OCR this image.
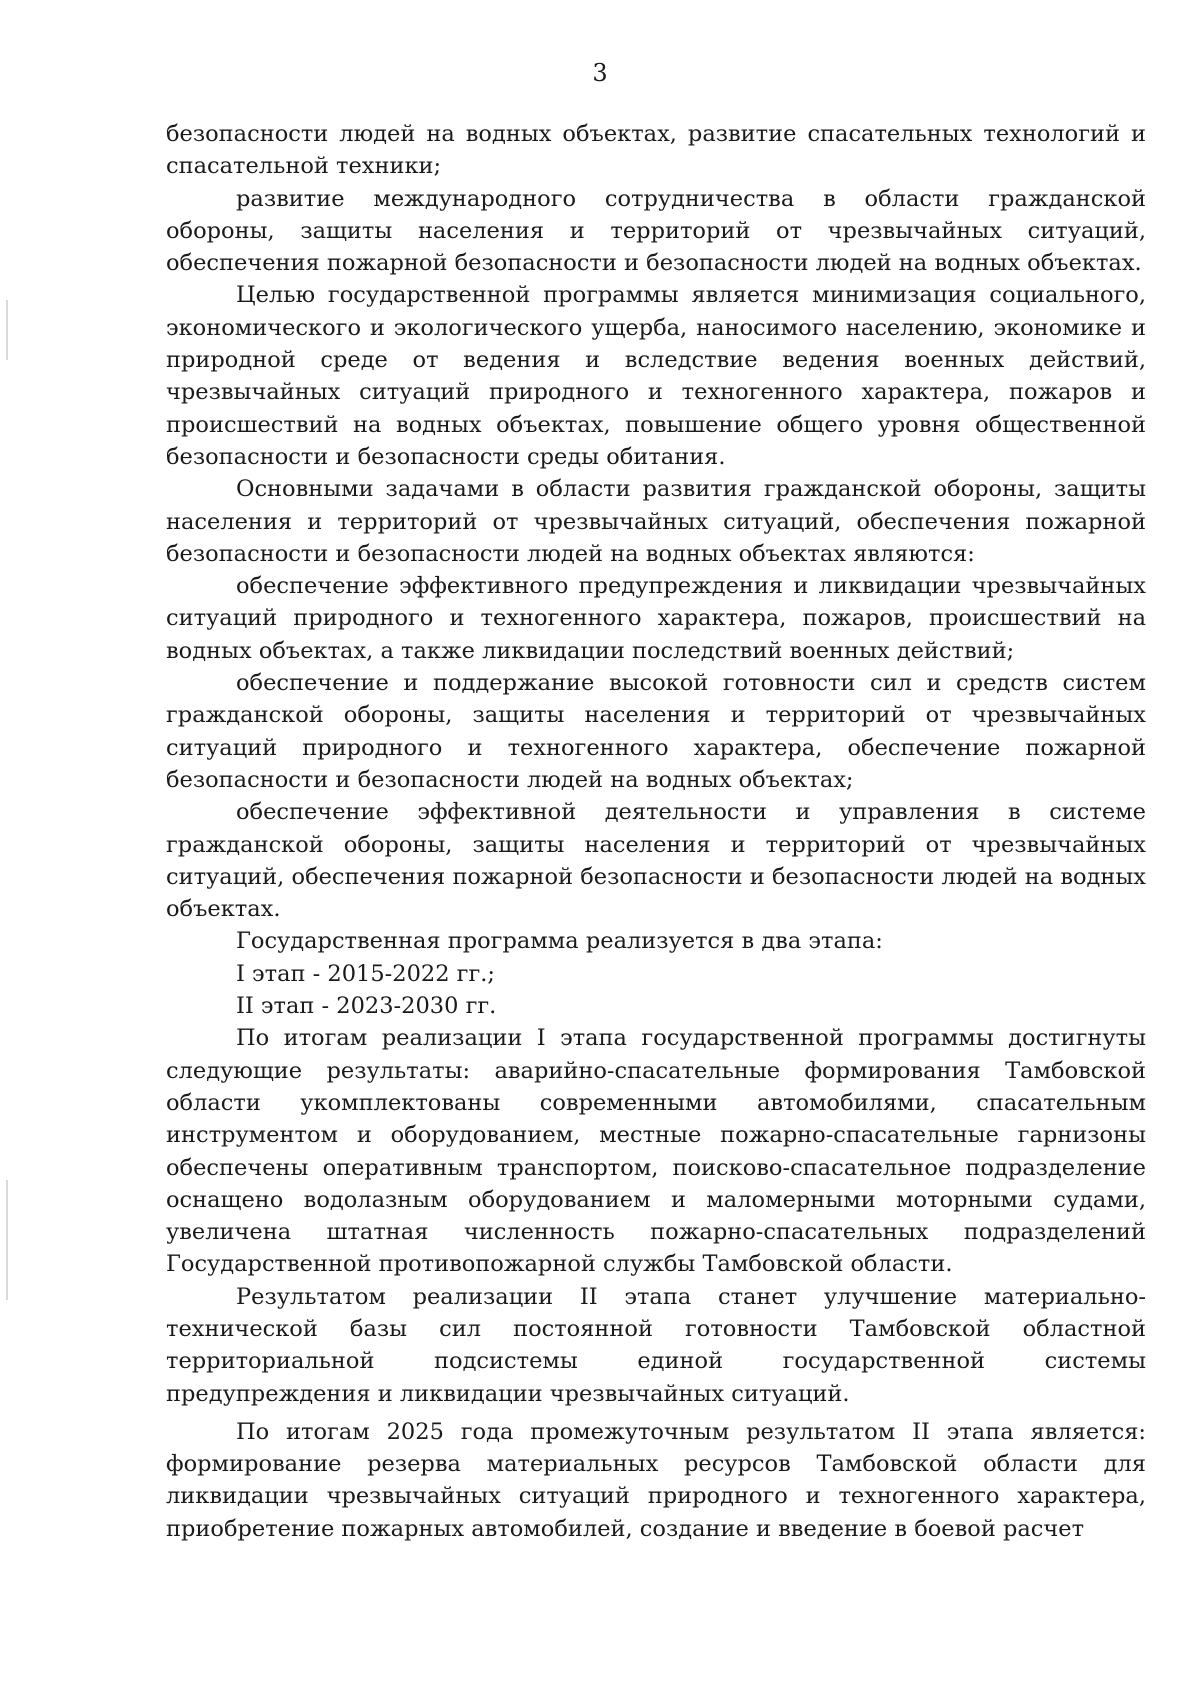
3

безопасности людей на водных объектах, развитие спасательных технологий и спасательной техники;

развитие международного сотрудничества в области гражданской обороны, защиты населения и территорий от чрезвычайных ситуаций, обеспечения пожарной безопасности и безопасности людей на водных объектах.

Целью государственной программы является минимизация социального, экономического и экологического ущерба, наносимого населению, экономике и природной среде от ведения и вследствие ведения военных действий, чрезвычайных ситуаций природного и техногенного характера, пожаров и происшествий на водных объектах, повышение общего уровня общественной безопасности и безопасности среды обитания.

Основными задачами в области развития гражданской обороны, защиты населения и территорий от чрезвычайных ситуаций, обеспечения пожарной безопасности и безопасности людей на водных объектах являются:

обеспечение эффективного предупреждения и ликвидации чрезвычайных ситуаций природного и техногенного характера, пожаров, происшествий на водных объектах, а также ликвидации последствий военных действий;

обеспечение и поддержание высокой готовности сил и средств систем гражданской обороны, защиты населения и территорий от чрезвычайных ситуаций природного и техногенного характера, обеспечение пожарной безопасности и безопасности людей на водных объектах;

обеспечение эффективной деятельности и управления в системе гражданской обороны, защиты населения и территорий от чрезвычайных ситуаций, обеспечения пожарной безопасности и безопасности людей на водных объектах.

Государственная программа реализуется в два этапа:

I этап - 2015-2022 гг.;

II этап - 2023-2030 гг.

По итогам реализации I этапа государственной программы достигнуты следующие результаты: аварийно-спасательные формирования Тамбовской области укомплектованы современными автомобилями, спасательным инструментом и оборудованием, местные пожарно-спасательные гарнизоны обеспечены оперативным транспортом, поисково-спасательное подразделение оснащено водолазным оборудованием и маломерными моторными судами, увеличена штатная численность пожарно-спасательных подразделений Государственной противопожарной службы Тамбовской области.

Результатом реализации II этапа станет улучшение материально-технической базы сил постоянной готовности Тамбовской областной территориальной подсистемы единой государственной системы предупреждения и ликвидации чрезвычайных ситуаций.

По итогам 2025 года промежуточным результатом II этапа является: формирование резерва материальных ресурсов Тамбовской области для ликвидации чрезвычайных ситуаций природного и техногенного характера, приобретение пожарных автомобилей, создание и введение в боевой расчет
